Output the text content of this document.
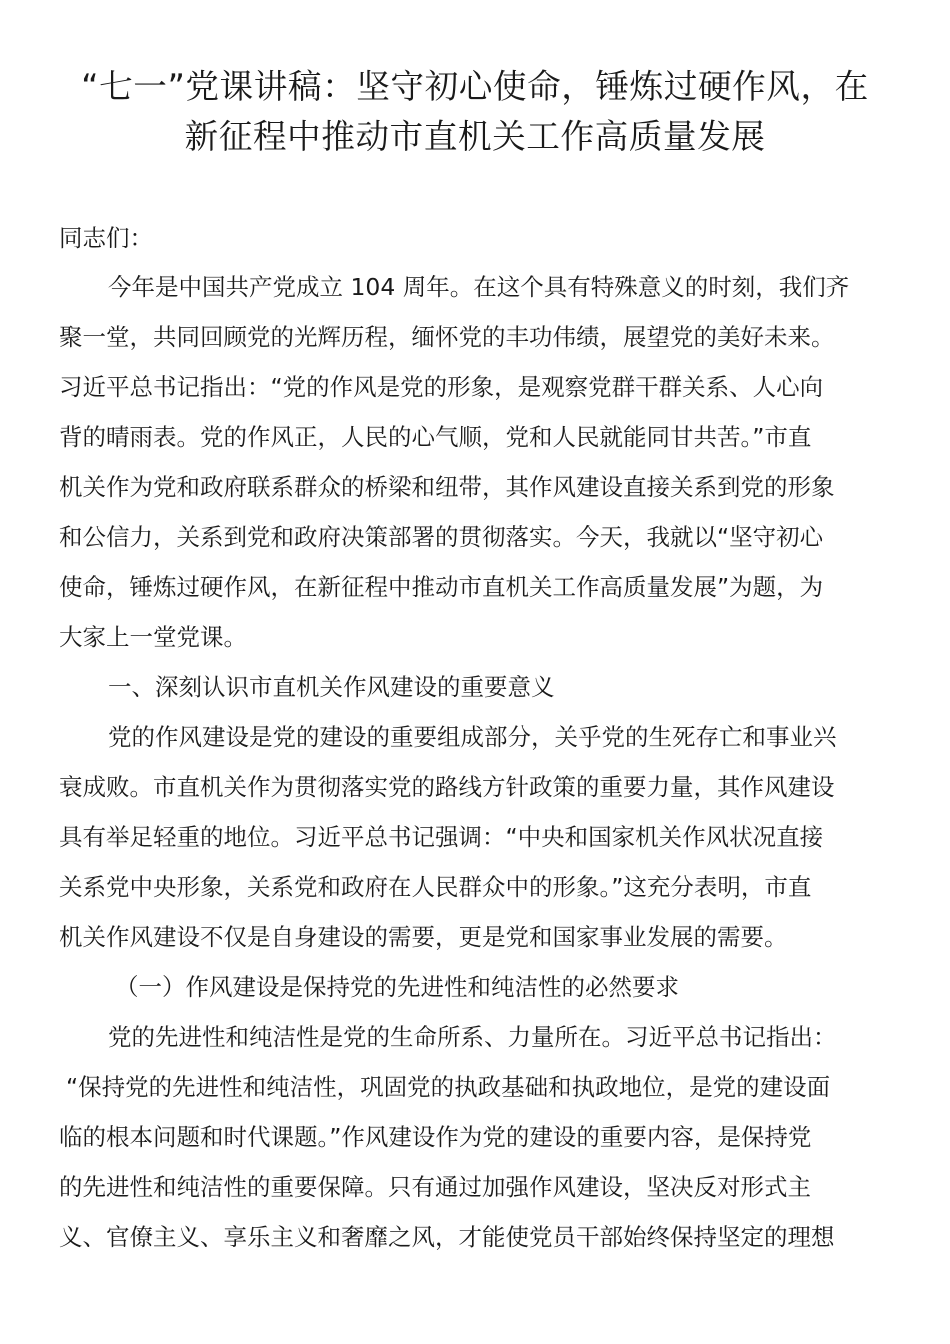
“七一”党课讲稿：坚守初心使命，锤炼过硬作风，在
新征程中推动市直机关工作高质量发展

同志们：

今年是中国共产党成立 104 周年。在这个具有特殊意义的时刻，我们齐

聚一堂，共同回顾党的光辉历程，缅怀党的丰功伟绩，展望党的美好未来。

习近平总书记指出：“党的作风是党的形象，是观察党群干群关系、人心向

背的晴雨表。党的作风正，人民的心气顺，党和人民就能同甘共苦。”市直

机关作为党和政府联系群众的桥梁和纽带，其作风建设直接关系到党的形象

和公信力，关系到党和政府决策部署的贯彻落实。今天，我就以“坚守初心

使命，锤炼过硬作风，在新征程中推动市直机关工作高质量发展”为题，为

大家上一堂党课。

一、深刻认识市直机关作风建设的重要意义

党的作风建设是党的建设的重要组成部分，关乎党的生死存亡和事业兴

衰成败。市直机关作为贯彻落实党的路线方针政策的重要力量，其作风建设

具有举足轻重的地位。习近平总书记强调：“中央和国家机关作风状况直接

关系党中央形象，关系党和政府在人民群众中的形象。”这充分表明，市直

机关作风建设不仅是自身建设的需要，更是党和国家事业发展的需要。

（一）作风建设是保持党的先进性和纯洁性的必然要求

党的先进性和纯洁性是党的生命所系、力量所在。习近平总书记指出：

“保持党的先进性和纯洁性，巩固党的执政基础和执政地位，是党的建设面

临的根本问题和时代课题。”作风建设作为党的建设的重要内容，是保持党

的先进性和纯洁性的重要保障。只有通过加强作风建设，坚决反对形式主

义、官僚主义、享乐主义和奢靡之风，才能使党员干部始终保持坚定的理想
